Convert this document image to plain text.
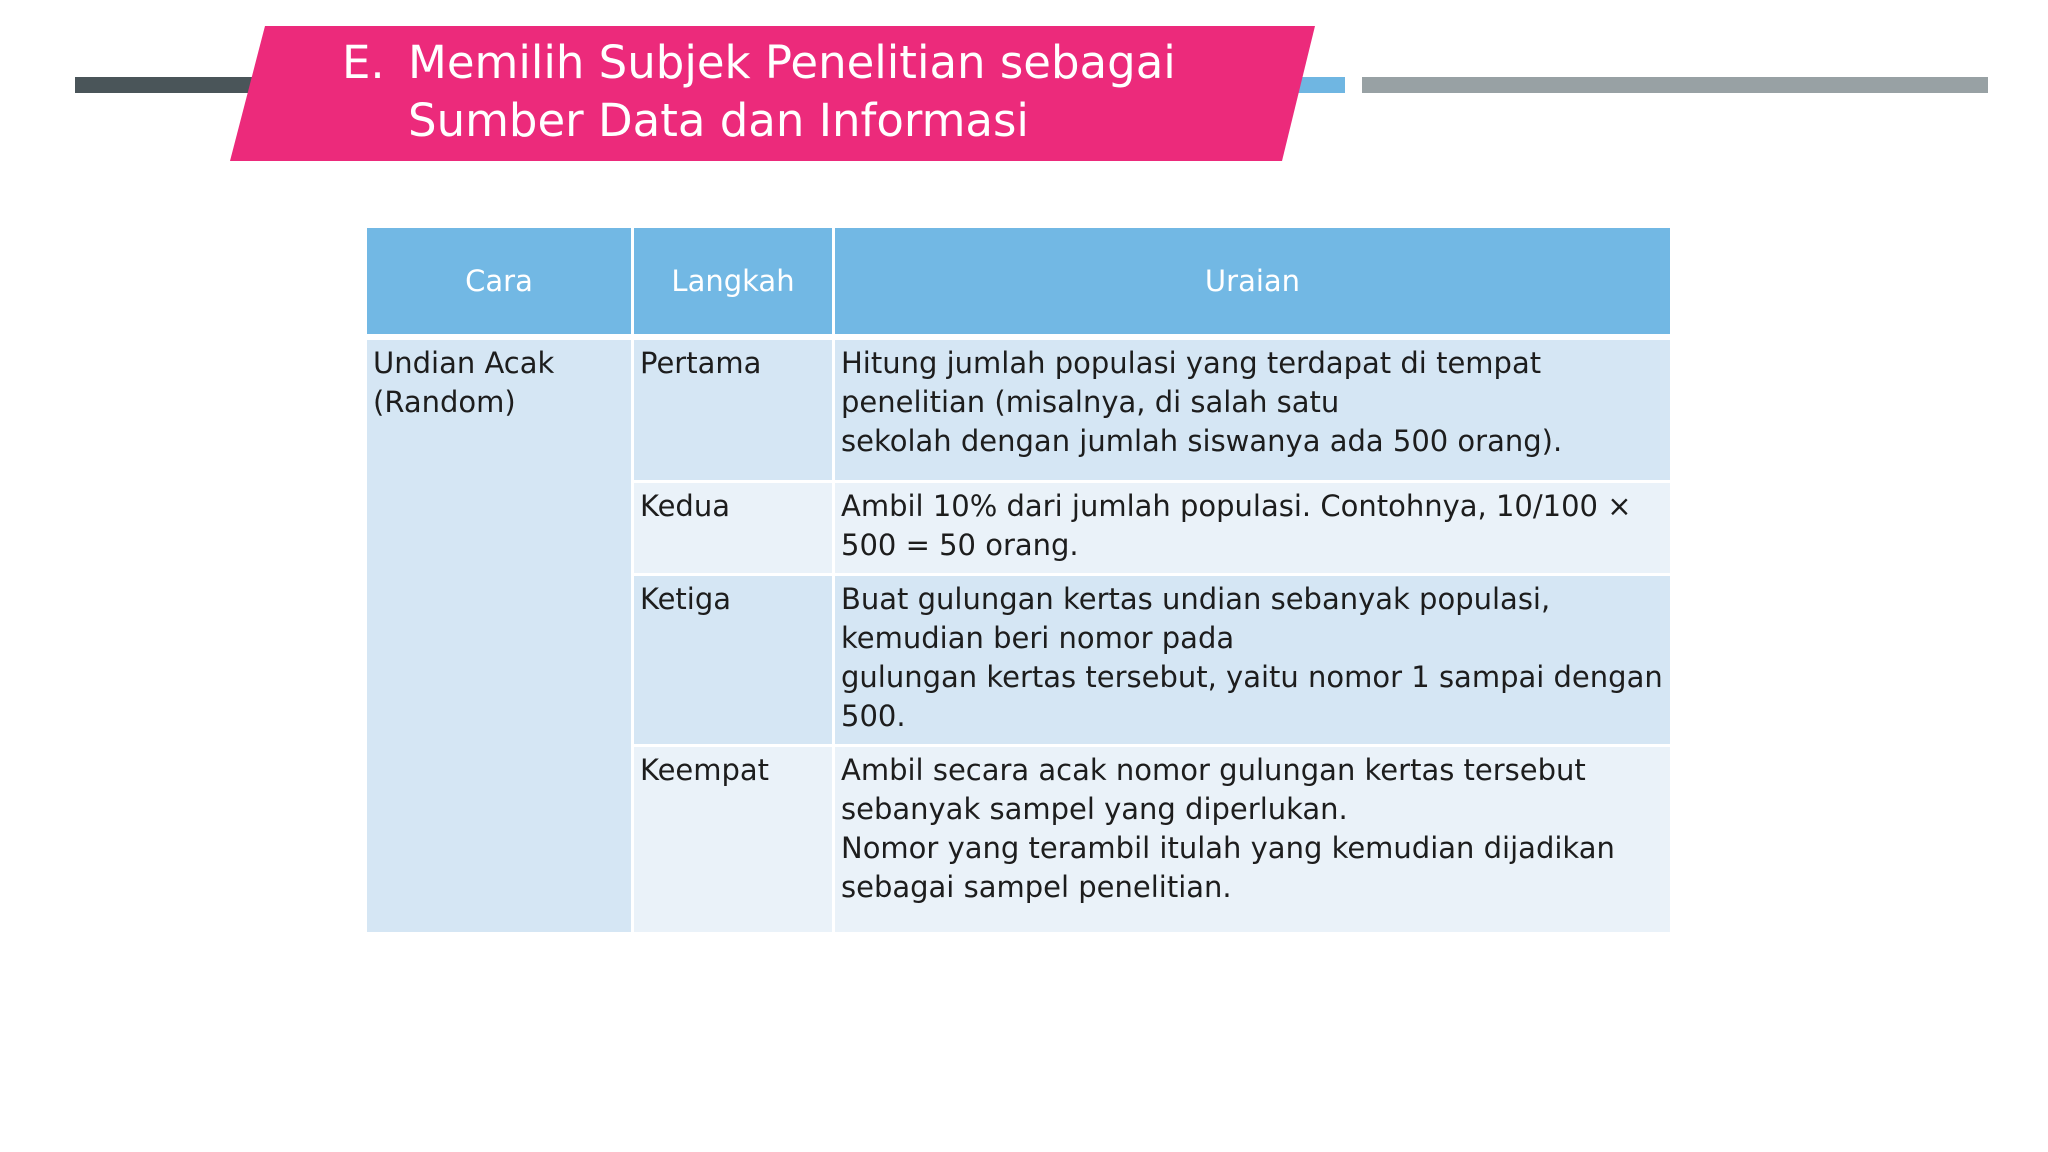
E. Memilih Subjek Penelitian sebagai
Sumber Data dan Informasi
Cara	Langkah	Uraian

Undian Acak
(Random)	Pertama	Hitung jumlah populasi yang terdapat di tempat
penelitian (misalnya, di salah satu
sekolah dengan jumlah siswanya ada 500 orang).

	Kedua	Ambil 10% dari jumlah populasi. Contohnya, 10/100 ×
500 = 50 orang.

	Ketiga	Buat gulungan kertas undian sebanyak populasi,
kemudian beri nomor pada
gulungan kertas tersebut, yaitu nomor 1 sampai dengan
500.

	Keempat	Ambil secara acak nomor gulungan kertas tersebut
sebanyak sampel yang diperlukan.
Nomor yang terambil itulah yang kemudian dijadikan
sebagai sampel penelitian.
